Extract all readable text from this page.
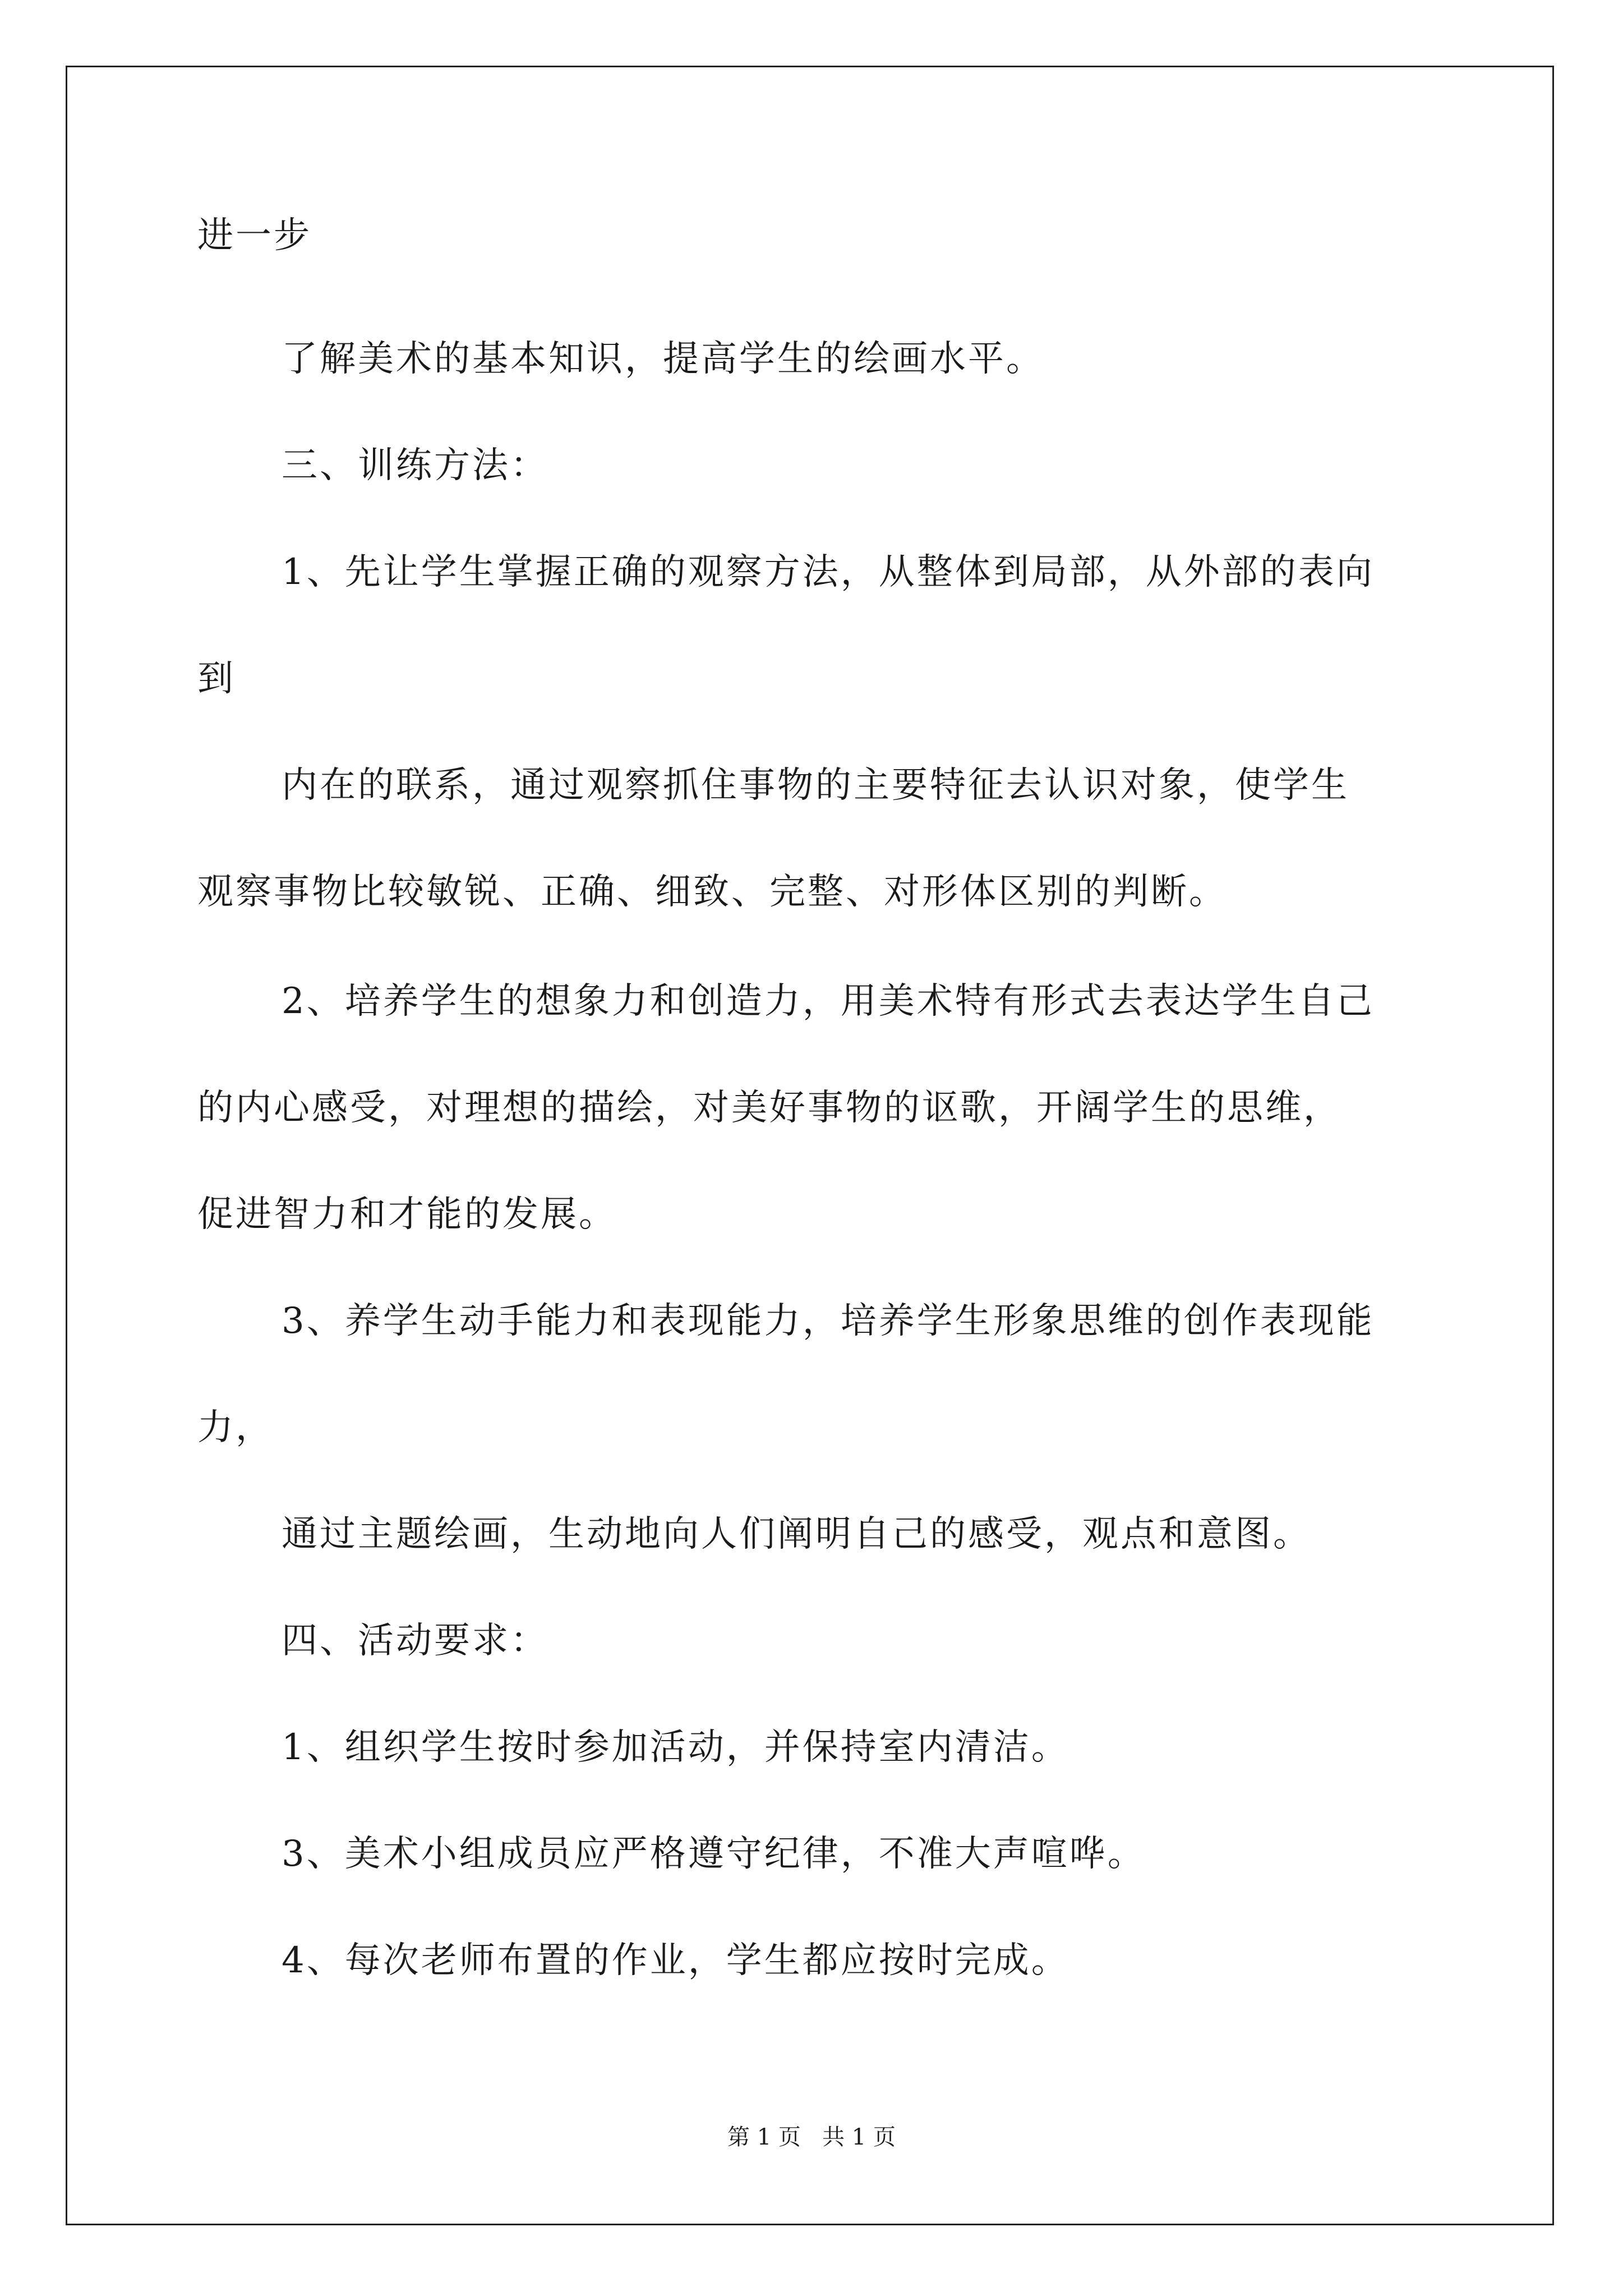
进一步

了解美术的基本知识，提高学生的绘画水平。

三、训练方法：

1、先让学生掌握正确的观察方法，从整体到局部，从外部的表向

到

内在的联系，通过观察抓住事物的主要特征去认识对象，使学生

观察事物比较敏锐、正确、细致、完整、对形体区别的判断。

2、培养学生的想象力和创造力，用美术特有形式去表达学生自己

的内心感受，对理想的描绘，对美好事物的讴歌，开阔学生的思维，

促进智力和才能的发展。

3、养学生动手能力和表现能力，培养学生形象思维的创作表现能

力，

通过主题绘画，生动地向人们阐明自己的感受，观点和意图。

四、活动要求：

1、组织学生按时参加活动，并保持室内清洁。

3、美术小组成员应严格遵守纪律，不准大声喧哗。

4、每次老师布置的作业，学生都应按时完成。

第 1 页   共 1 页
